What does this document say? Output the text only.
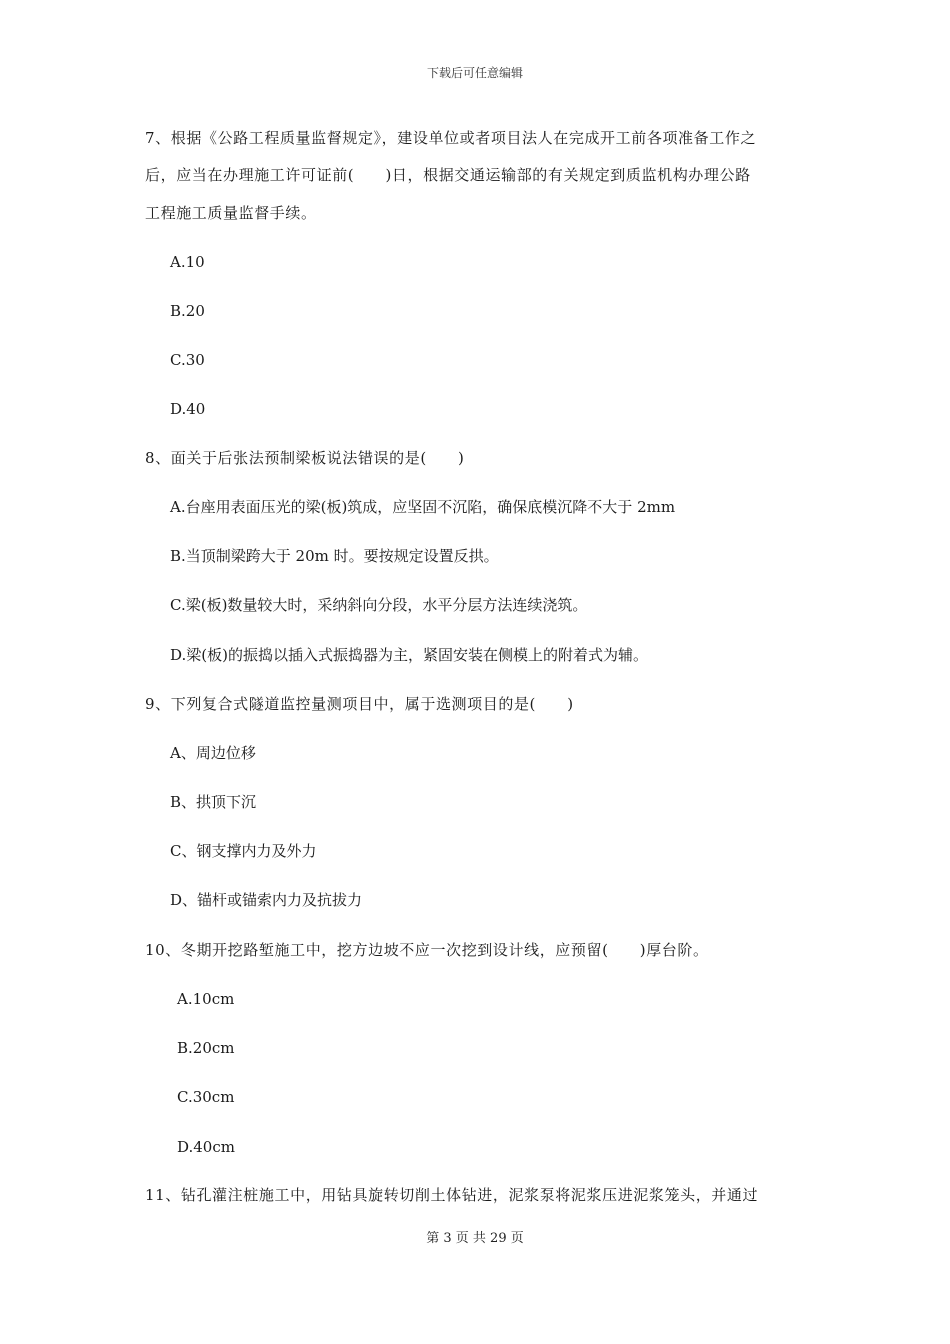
下载后可任意编辑
7、根据《公路工程质量监督规定》，建设单位或者项目法人在完成开工前各项准备工作之
后，应当在办理施工许可证前(　　)日，根据交通运输部的有关规定到质监机构办理公路
工程施工质量监督手续。
A.10
B.20
C.30
D.40
8、面关于后张法预制梁板说法错误的是(　　)
A.台座用表面压光的梁(板)筑成，应坚固不沉陷，确保底模沉降不大于 2mm
B.当顶制梁跨大于 20m 时。要按规定设置反拱。
C.梁(板)数量较大时，采纳斜向分段，水平分层方法连续浇筑。
D.梁(板)的振捣以插入式振捣器为主，紧固安装在侧模上的附着式为辅。
9、下列复合式隧道监控量测项目中，属于选测项目的是(　　)
A、周边位移
B、拱顶下沉
C、钢支撑内力及外力
D、锚杆或锚索内力及抗拔力
10、冬期开挖路堑施工中，挖方边坡不应一次挖到设计线，应预留(　　)厚台阶。
A.10cm
B.20cm
C.30cm
D.40cm
11、钻孔灌注桩施工中，用钻具旋转切削土体钻进，泥浆泵将泥浆压进泥浆笼头，并通过
第 3 页 共 29 页
